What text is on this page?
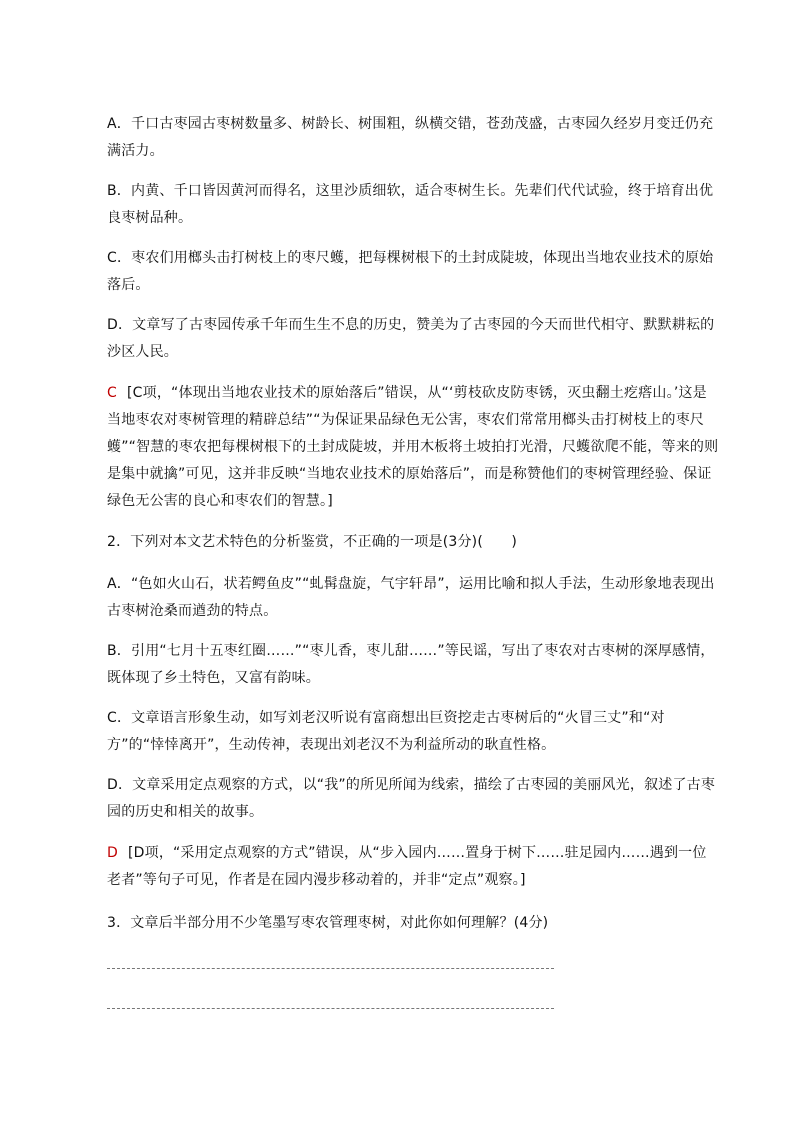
A．千口古枣园古枣树数量多、树龄长、树围粗，纵横交错，苍劲茂盛，古枣园久经岁月变迁仍充满活力。
B．内黄、千口皆因黄河而得名，这里沙质细软，适合枣树生长。先辈们代代试验，终于培育出优良枣树品种。
C．枣农们用榔头击打树枝上的枣尺蠖，把每棵树根下的土封成陡坡，体现出当地农业技术的原始落后。
D．文章写了古枣园传承千年而生生不息的历史，赞美为了古枣园的今天而世代相守、默默耕耘的沙区人民。
C [C项，“体现出当地农业技术的原始落后”错误，从“‘剪枝砍皮防枣锈，灭虫翻土疙瘩山。’这是当地枣农对枣树管理的精辟总结”“为保证果品绿色无公害，枣农们常常用榔头击打树枝上的枣尺蠖”“智慧的枣农把每棵树根下的土封成陡坡，并用木板将土坡拍打光滑，尺蠖欲爬不能，等来的则是集中就擒”可见，这并非反映“当地农业技术的原始落后”，而是称赞他们的枣树管理经验、保证绿色无公害的良心和枣农们的智慧。]
2．下列对本文艺术特色的分析鉴赏，不正确的一项是(3分)(　　)
A．“色如火山石，状若鳄鱼皮”“虬髯盘旋，气宇轩昂”，运用比喻和拟人手法，生动形象地表现出古枣树沧桑而遒劲的特点。
B．引用“七月十五枣红圈……”“枣儿香，枣儿甜……”等民谣，写出了枣农对古枣树的深厚感情，既体现了乡土特色，又富有韵味。
C．文章语言形象生动，如写刘老汉听说有富商想出巨资挖走古枣树后的“火冒三丈”和“对方”的“悻悻离开”，生动传神，表现出刘老汉不为利益所动的耿直性格。
D．文章采用定点观察的方式，以“我”的所见所闻为线索，描绘了古枣园的美丽风光，叙述了古枣园的历史和相关的故事。
D [D项，“采用定点观察的方式”错误，从“步入园内……置身于树下……驻足园内……遇到一位老者”等句子可见，作者是在园内漫步移动着的，并非“定点”观察。]
3．文章后半部分用不少笔墨写枣农管理枣树，对此你如何理解？(4分)
